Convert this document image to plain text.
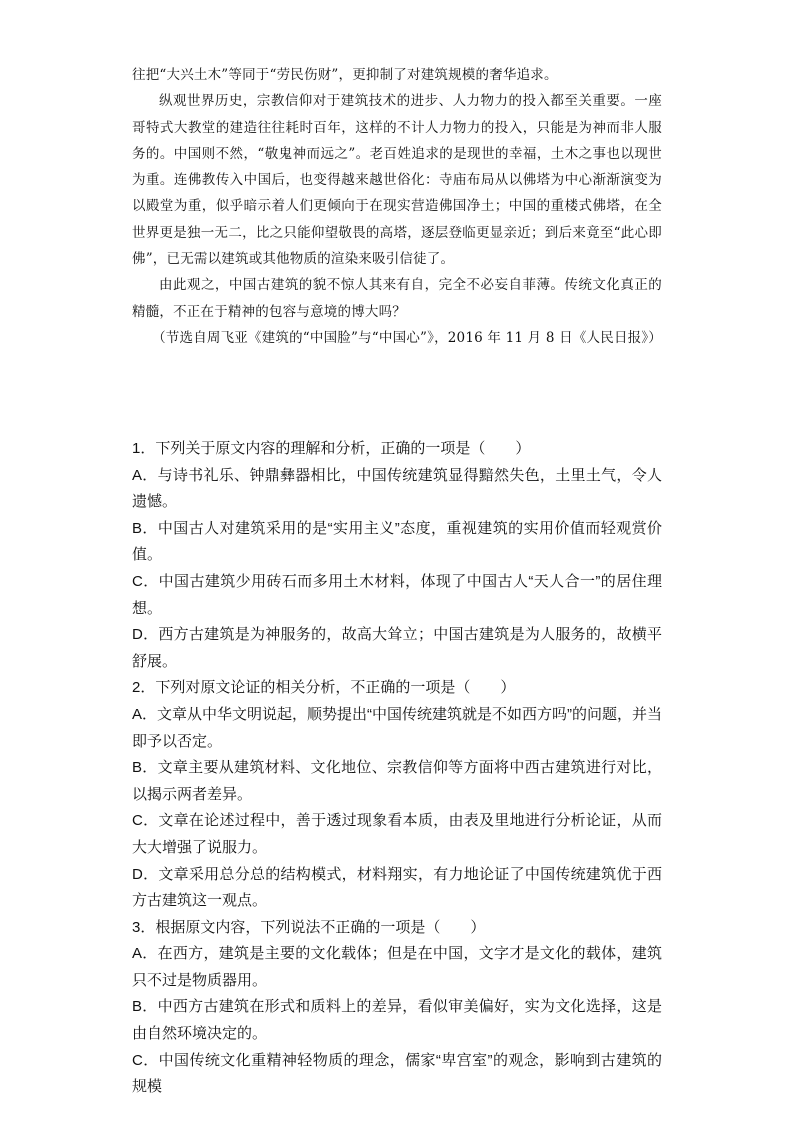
往把“大兴土木”等同于“劳民伤财”，更抑制了对建筑规模的奢华追求。

纵观世界历史，宗教信仰对于建筑技术的进步、人力物力的投入都至关重要。一座哥特式大教堂的建造往往耗时百年，这样的不计人力物力的投入，只能是为神而非人服务的。中国则不然，“敬鬼神而远之”。老百姓追求的是现世的幸福，土木之事也以现世为重。连佛教传入中国后，也变得越来越世俗化：寺庙布局从以佛塔为中心渐渐演变为以殿堂为重，似乎暗示着人们更倾向于在现实营造佛国净土；中国的重楼式佛塔，在全世界更是独一无二，比之只能仰望敬畏的高塔，逐层登临更显亲近；到后来竟至“此心即佛”，已无需以建筑或其他物质的渲染来吸引信徒了。

由此观之，中国古建筑的貌不惊人其来有自，完全不必妄自菲薄。传统文化真正的精髓，不正在于精神的包容与意境的博大吗？

（节选自周飞亚《建筑的“中国脸”与“中国心”》，2016 年 11 月 8 日《人民日报》）

1．下列关于原文内容的理解和分析，正确的一项是（　　）

A．与诗书礼乐、钟鼎彝器相比，中国传统建筑显得黯然失色，土里土气，令人遗憾。

B．中国古人对建筑采用的是“实用主义”态度，重视建筑的实用价值而轻观赏价值。

C．中国古建筑少用砖石而多用土木材料，体现了中国古人“天人合一”的居住理想。

D．西方古建筑是为神服务的，故高大耸立；中国古建筑是为人服务的，故横平舒展。

2．下列对原文论证的相关分析，不正确的一项是（　　）

A．文章从中华文明说起，顺势提出“中国传统建筑就是不如西方吗”的问题，并当即予以否定。

B．文章主要从建筑材料、文化地位、宗教信仰等方面将中西古建筑进行对比，以揭示两者差异。

C．文章在论述过程中，善于透过现象看本质，由表及里地进行分析论证，从而大大增强了说服力。

D．文章采用总分总的结构模式，材料翔实，有力地论证了中国传统建筑优于西方古建筑这一观点。

3．根据原文内容，下列说法不正确的一项是（　　）

A．在西方，建筑是主要的文化载体；但是在中国，文字才是文化的载体，建筑只不过是物质器用。

B．中西方古建筑在形式和质料上的差异，看似审美偏好，实为文化选择，这是由自然环境决定的。

C．中国传统文化重精神轻物质的理念，儒家“卑宫室”的观念，影响到古建筑的规模
